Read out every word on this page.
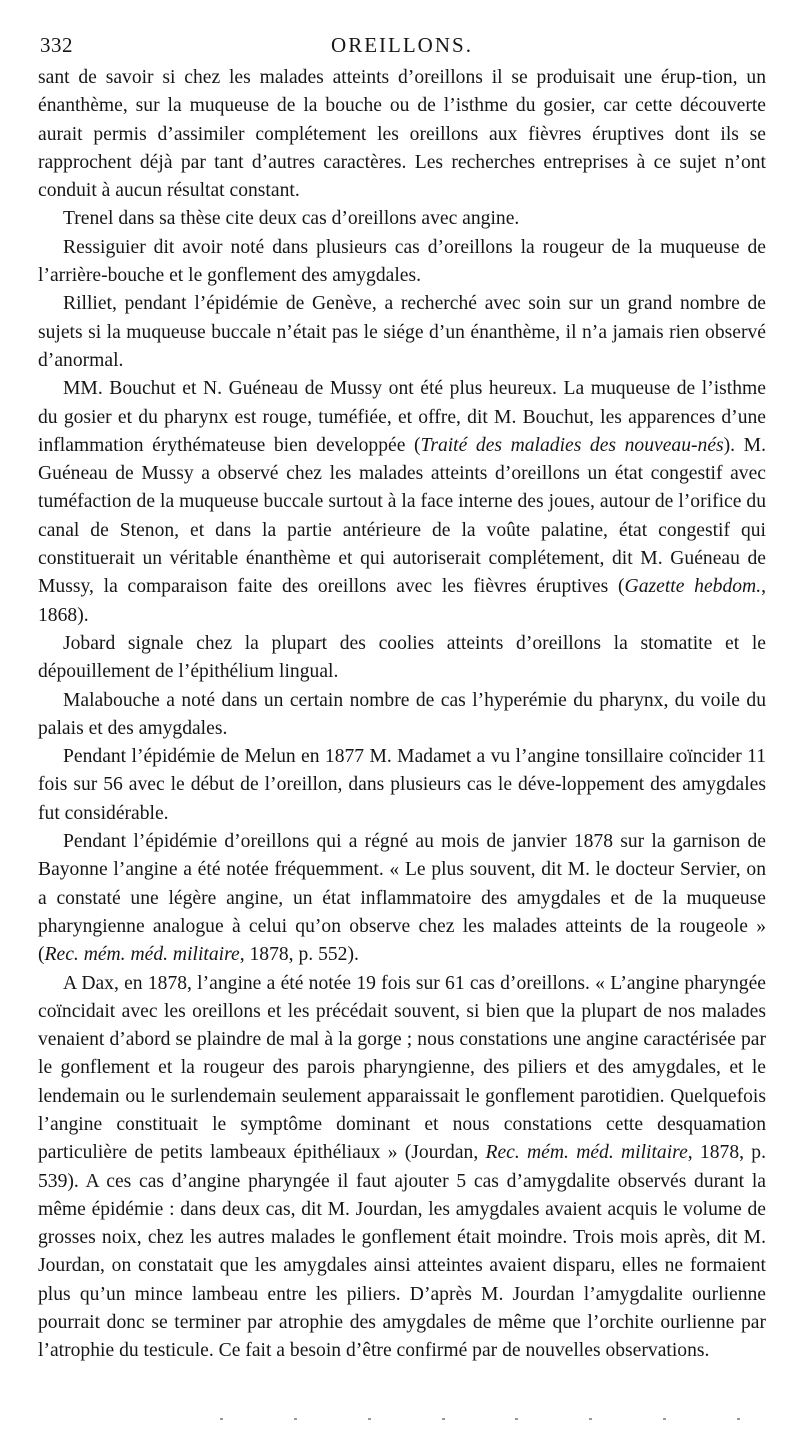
332	OREILLONS.

sant de savoir si chez les malades atteints d’oreillons il se produisait une érup-tion, un énanthème, sur la muqueuse de la bouche ou de l’isthme du gosier, car cette découverte aurait permis d’assimiler complétement les oreillons aux fièvres éruptives dont ils se rapprochent déjà par tant d’autres caractères. Les recherches entreprises à ce sujet n’ont conduit à aucun résultat constant.

Trenel dans sa thèse cite deux cas d’oreillons avec angine.

Ressiguier dit avoir noté dans plusieurs cas d’oreillons la rougeur de la muqueuse de l’arrière-bouche et le gonflement des amygdales.

Rilliet, pendant l’épidémie de Genève, a recherché avec soin sur un grand nombre de sujets si la muqueuse buccale n’était pas le siége d’un énanthème, il n’a jamais rien observé d’anormal.

MM. Bouchut et N. Guéneau de Mussy ont été plus heureux. La muqueuse de l’isthme du gosier et du pharynx est rouge, tuméfiée, et offre, dit M. Bouchut, les apparences d’une inflammation érythémateuse bien developpée (Traité des maladies des nouveau-nés). M. Guéneau de Mussy a observé chez les malades atteints d’oreillons un état congestif avec tuméfaction de la muqueuse buccale surtout à la face interne des joues, autour de l’orifice du canal de Stenon, et dans la partie antérieure de la voûte palatine, état congestif qui constituerait un véritable énanthème et qui autoriserait complétement, dit M. Guéneau de Mussy, la comparaison faite des oreillons avec les fièvres éruptives (Gazette hebdom., 1868).

Jobard signale chez la plupart des coolies atteints d’oreillons la stomatite et le dépouillement de l’épithélium lingual.

Malabouche a noté dans un certain nombre de cas l’hyperémie du pharynx, du voile du palais et des amygdales.

Pendant l’épidémie de Melun en 1877 M. Madamet a vu l’angine tonsillaire coïncider 11 fois sur 56 avec le début de l’oreillon, dans plusieurs cas le déve-loppement des amygdales fut considérable.

Pendant l’épidémie d’oreillons qui a régné au mois de janvier 1878 sur la garnison de Bayonne l’angine a été notée fréquemment. « Le plus souvent, dit M. le docteur Servier, on a constaté une légère angine, un état inflammatoire des amygdales et de la muqueuse pharyngienne analogue à celui qu’on observe chez les malades atteints de la rougeole » (Rec. mém. méd. militaire, 1878, p. 552).

A Dax, en 1878, l’angine a été notée 19 fois sur 61 cas d’oreillons. « L’angine pharyngée coïncidait avec les oreillons et les précédait souvent, si bien que la plupart de nos malades venaient d’abord se plaindre de mal à la gorge ; nous constations une angine caractérisée par le gonflement et la rougeur des parois pharyngienne, des piliers et des amygdales, et le lendemain ou le surlendemain seulement apparaissait le gonflement parotidien. Quelquefois l’angine constituait le symptôme dominant et nous constations cette desquamation particulière de petits lambeaux épithéliaux » (Jourdan, Rec. mém. méd. militaire, 1878, p. 539). A ces cas d’angine pharyngée il faut ajouter 5 cas d’amygdalite observés durant la même épidémie : dans deux cas, dit M. Jourdan, les amygdales avaient acquis le volume de grosses noix, chez les autres malades le gonflement était moindre. Trois mois après, dit M. Jourdan, on constatait que les amygdales ainsi atteintes avaient disparu, elles ne formaient plus qu’un mince lambeau entre les piliers. D’après M. Jourdan l’amygdalite ourlienne pourrait donc se terminer par atrophie des amygdales de même que l’orchite ourlienne par l’atrophie du testicule. Ce fait a besoin d’être confirmé par de nouvelles observations.
